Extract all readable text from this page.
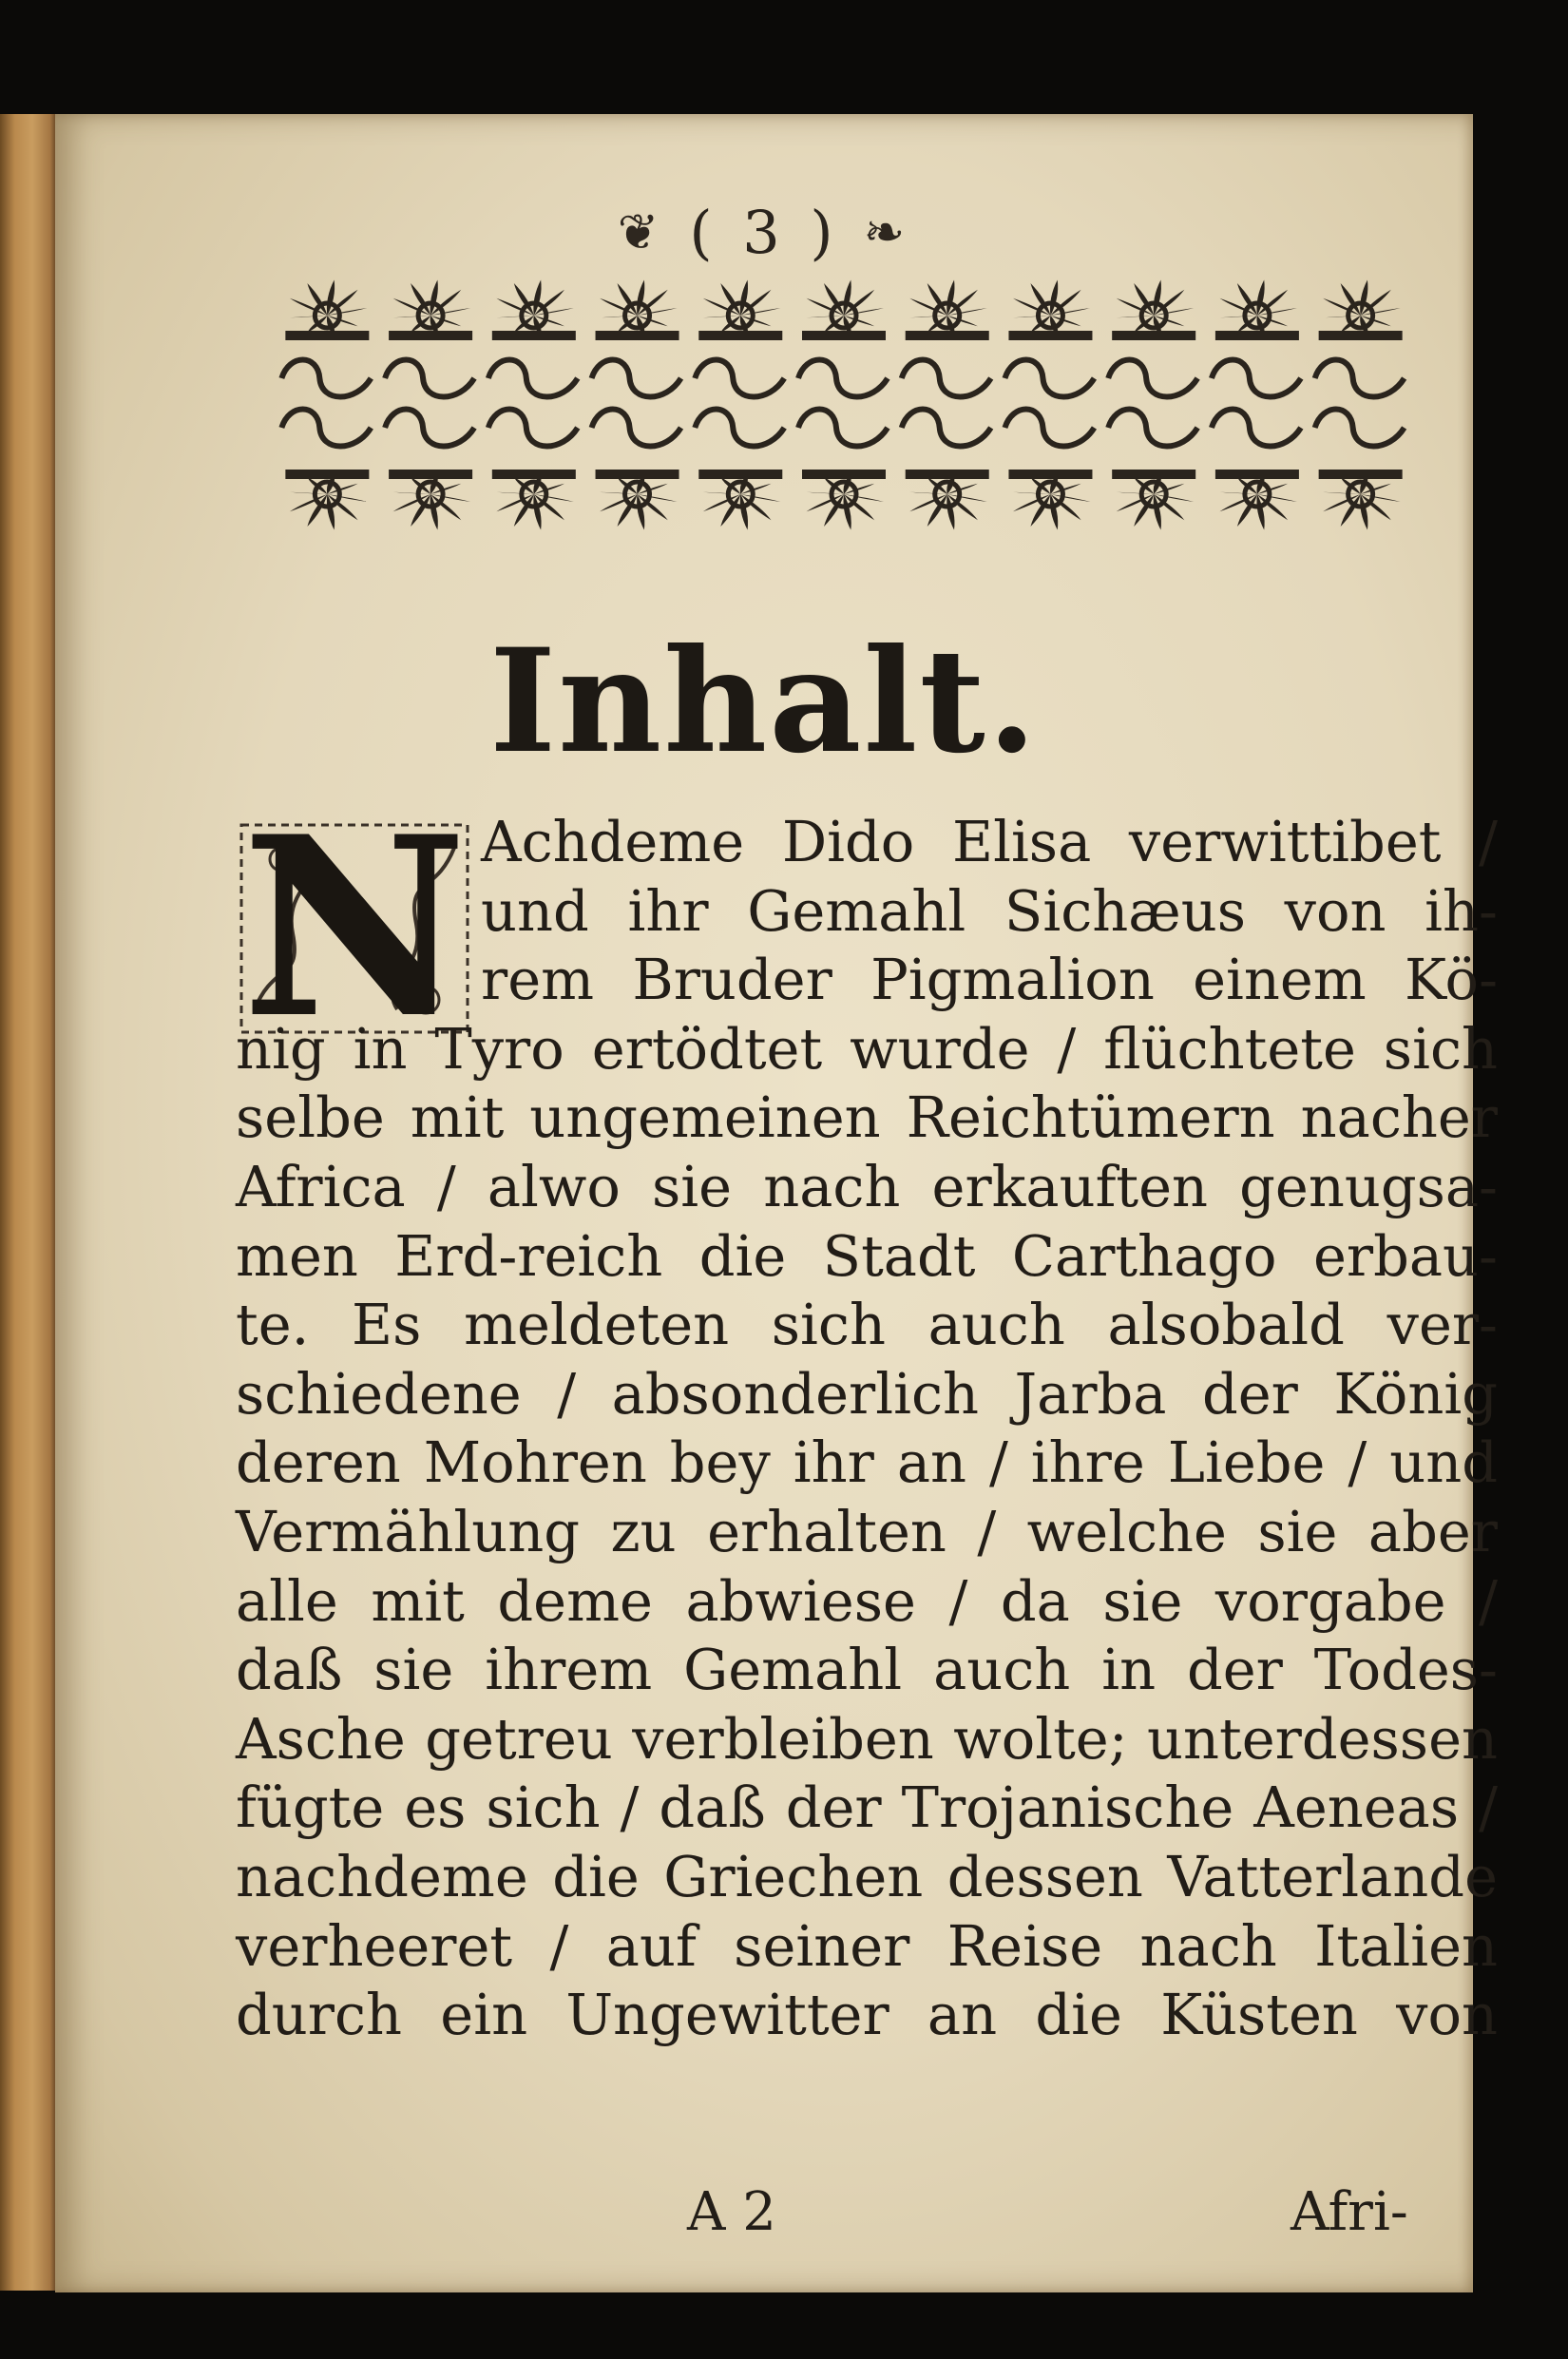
❦ ( 3 ) ❧
Inhalt.
N Achdeme Dido Elisa verwittibet /
und ihr Gemahl Sichæus von ih-
rem Bruder Pigmalion einem Kö-
nig in Tyro ertödtet wurde / flüchtete sich
selbe mit ungemeinen Reichtümern nacher
Africa / alwo sie nach erkauften genugsa-
men Erd-reich die Stadt Carthago erbau-
te. Es meldeten sich auch alsobald ver-
schiedene / absonderlich Jarba der König
deren Mohren bey ihr an / ihre Liebe / und
Vermählung zu erhalten / welche sie aber
alle mit deme abwiese / da sie vorgabe /
daß sie ihrem Gemahl auch in der Todes-
Asche getreu verbleiben wolte; unterdessen
fügte es sich / daß der Trojanische Aeneas /
nachdeme die Griechen dessen Vatterlande
verheeret / auf seiner Reise nach Italien
durch ein Ungewitter an die Küsten von
A 2	Afri-
